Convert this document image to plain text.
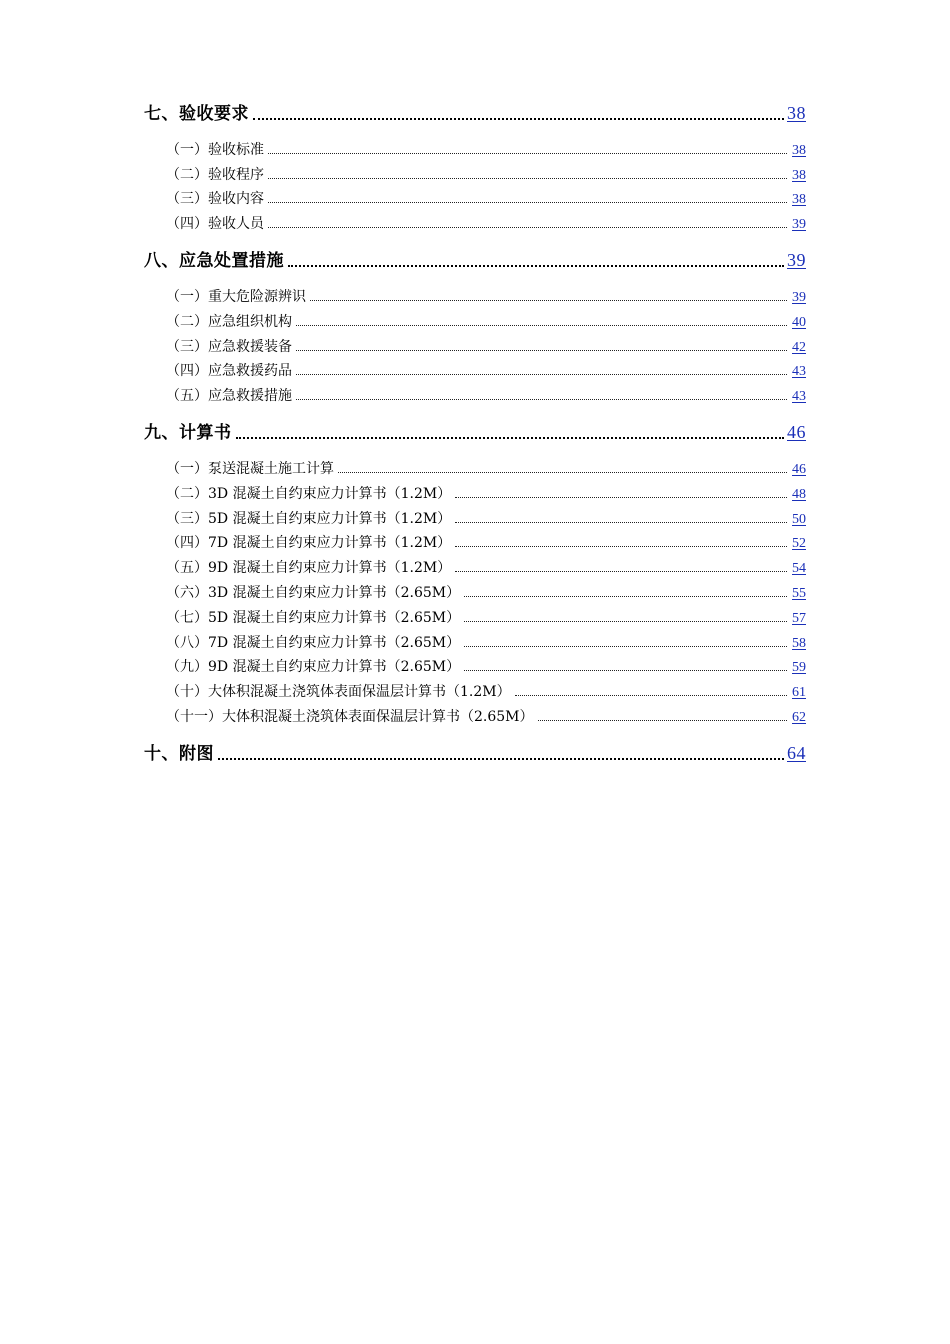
七、验收要求	38
（一）验收标准	38
（二）验收程序	38
（三）验收内容	38
（四）验收人员	39
八、应急处置措施	39
（一）重大危险源辨识	39
（二）应急组织机构	40
（三）应急救援装备	42
（四）应急救援药品	43
（五）应急救援措施	43
九、计算书	46
（一）泵送混凝土施工计算	46
（二）3D 混凝土自约束应力计算书（1.2M）	48
（三）5D 混凝土自约束应力计算书（1.2M）	50
（四）7D 混凝土自约束应力计算书（1.2M）	52
（五）9D 混凝土自约束应力计算书（1.2M）	54
（六）3D 混凝土自约束应力计算书（2.65M）	55
（七）5D 混凝土自约束应力计算书（2.65M）	57
（八）7D 混凝土自约束应力计算书（2.65M）	58
（九）9D 混凝土自约束应力计算书（2.65M）	59
（十）大体积混凝土浇筑体表面保温层计算书（1.2M）	61
（十一）大体积混凝土浇筑体表面保温层计算书（2.65M）	62
十、附图	64
